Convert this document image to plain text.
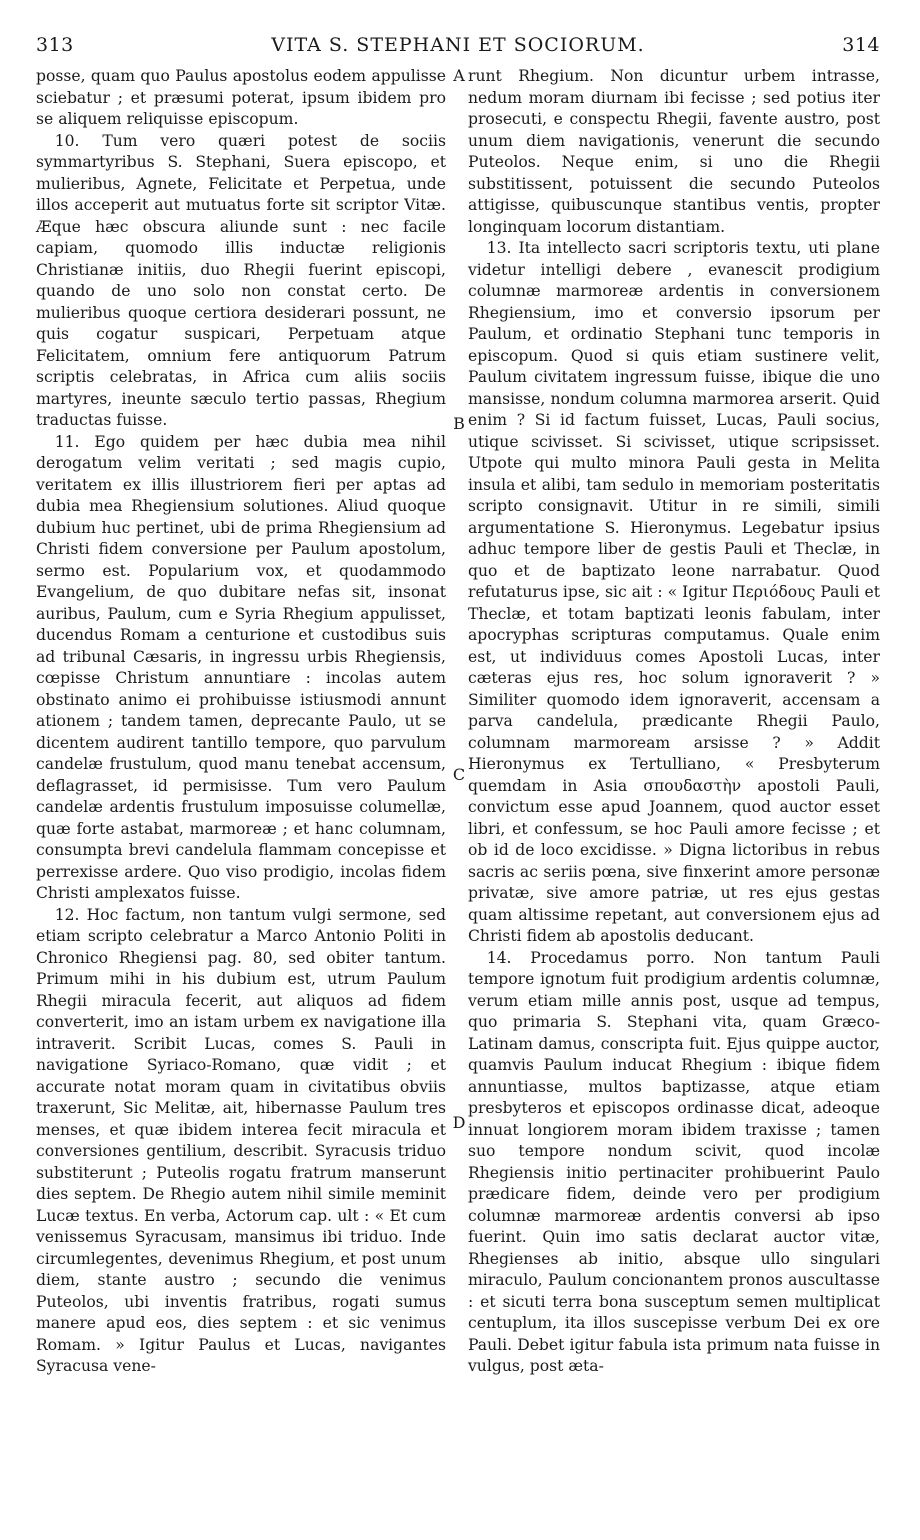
313	VITA S. STEPHANI ET SOCIORUM.	314

posse, quam quo Paulus apostolus eodem appulisse sciebatur ; et præsumi poterat, ipsum ibidem pro se aliquem reliquisse episcopum.

10. Tum vero quæri potest de sociis symmartyribus S. Stephani, Suera episcopo, et mulieribus, Agnete, Felicitate et Perpetua, unde illos acceperit aut mutuatus forte sit scriptor Vitæ. Æque hæc obscura aliunde sunt : nec facile capiam, quomodo illis inductæ religionis Christianæ initiis, duo Rhegii fuerint episcopi, quando de uno solo non constat certo. De mulieribus quoque certiora desiderari possunt, ne quis cogatur suspicari, Perpetuam atque Felicitatem, omnium fere antiquorum Patrum scriptis celebratas, in Africa cum aliis sociis martyres, ineunte sæculo tertio passas, Rhegium traductas fuisse.

11. Ego quidem per hæc dubia mea nihil derogatum velim veritati ; sed magis cupio, veritatem ex illis illustriorem fieri per aptas ad dubia mea Rhegiensium solutiones. Aliud quoque dubium huc pertinet, ubi de prima Rhegiensium ad Christi fidem conversione per Paulum apostolum, sermo est. Popularium vox, et quodammodo Evangelium, de quo dubitare nefas sit, insonat auribus, Paulum, cum e Syria Rhegium appulisset, ducendus Romam a centurione et custodibus suis ad tribunal Cæsaris, in ingressu urbis Rhegiensis, cœpisse Christum annuntiare : incolas autem obstinato animo ei prohibuisse istiusmodi annunt ationem ; tandem tamen, deprecante Paulo, ut se dicentem audirent tantillo tempore, quo parvulum candelæ frustulum, quod manu tenebat accensum, deflagrasset, id permisisse. Tum vero Paulum candelæ ardentis frustulum imposuisse columellæ, quæ forte astabat, marmoreæ ; et hanc columnam, consumpta brevi candelula flammam concepisse et perrexisse ardere. Quo viso prodigio, incolas fidem Christi amplexatos fuisse.

12. Hoc factum, non tantum vulgi sermone, sed etiam scripto celebratur a Marco Antonio Politi in Chronico Rhegiensi pag. 80, sed obiter tantum. Primum mihi in his dubium est, utrum Paulum Rhegii miracula fecerit, aut aliquos ad fidem converterit, imo an istam urbem ex navigatione illa intraverit. Scribit Lucas, comes S. Pauli in navigatione Syriaco-Romano, quæ vidit ; et accurate notat moram quam in civitatibus obviis traxerunt, Sic Melitæ, ait, hibernasse Paulum tres menses, et quæ ibidem interea fecit miracula et conversiones gentilium, describit. Syracusis triduo substiterunt ; Puteolis rogatu fratrum manserunt dies septem. De Rhegio autem nihil simile meminit Lucæ textus. En verba, Actorum cap. ult : « Et cum venissemus Syracusam, mansimus ibi triduo. Inde circumlegentes, devenimus Rhegium, et post unum diem, stante austro ; secundo die venimus Puteolos, ubi inventis fratribus, rogati sumus manere apud eos, dies septem : et sic venimus Romam. » Igitur Paulus et Lucas, navigantes Syracusa vene-

A
B
C
D

runt Rhegium. Non dicuntur urbem intrasse, nedum moram diurnam ibi fecisse ; sed potius iter prosecuti, e conspectu Rhegii, favente austro, post unum diem navigationis, venerunt die secundo Puteolos. Neque enim, si uno die Rhegii substitissent, potuissent die secundo Puteolos attigisse, quibuscunque stantibus ventis, propter longinquam locorum distantiam.

13. Ita intellecto sacri scriptoris textu, uti plane videtur intelligi debere , evanescit prodigium columnæ marmoreæ ardentis in conversionem Rhegiensium, imo et conversio ipsorum per Paulum, et ordinatio Stephani tunc temporis in episcopum. Quod si quis etiam sustinere velit, Paulum civitatem ingressum fuisse, ibique die uno mansisse, nondum columna marmorea arserit. Quid enim ? Si id factum fuisset, Lucas, Pauli socius, utique scivisset. Si scivisset, utique scripsisset. Utpote qui multo minora Pauli gesta in Melita insula et alibi, tam sedulo in memoriam posteritatis scripto consignavit. Utitur in re simili, simili argumentatione S. Hieronymus. Legebatur ipsius adhuc tempore liber de gestis Pauli et Theclæ, in quo et de baptizato leone narrabatur. Quod refutaturus ipse, sic ait : « Igitur Περιόδους Pauli et Theclæ, et totam baptizati leonis fabulam, inter apocryphas scripturas computamus. Quale enim est, ut individuus comes Apostoli Lucas, inter cæteras ejus res, hoc solum ignoraverit ? » Similiter quomodo idem ignoraverit, accensam a parva candelula, prædicante Rhegii Paulo, columnam marmoream arsisse ? » Addit Hieronymus ex Tertulliano, « Presbyterum quemdam in Asia σπουδαστὴν apostoli Pauli, convictum esse apud Joannem, quod auctor esset libri, et confessum, se hoc Pauli amore fecisse ; et ob id de loco excidisse. » Digna lictoribus in rebus sacris ac seriis pœna, sive finxerint amore personæ privatæ, sive amore patriæ, ut res ejus gestas quam altissime repetant, aut conversionem ejus ad Christi fidem ab apostolis deducant.

14. Procedamus porro. Non tantum Pauli tempore ignotum fuit prodigium ardentis columnæ, verum etiam mille annis post, usque ad tempus, quo primaria S. Stephani vita, quam Græco-Latinam damus, conscripta fuit. Ejus quippe auctor, quamvis Paulum inducat Rhegium : ibique fidem annuntiasse, multos baptizasse, atque etiam presbyteros et episcopos ordinasse dicat, adeoque innuat longiorem moram ibidem traxisse ; tamen suo tempore nondum scivit, quod incolæ Rhegiensis initio pertinaciter prohibuerint Paulo prædicare fidem, deinde vero per prodigium columnæ marmoreæ ardentis conversi ab ipso fuerint. Quin imo satis declarat auctor vitæ, Rhegienses ab initio, absque ullo singulari miraculo, Paulum concionantem pronos auscultasse : et sicuti terra bona susceptum semen multiplicat centuplum, ita illos suscepisse verbum Dei ex ore Pauli. Debet igitur fabula ista primum nata fuisse in vulgus, post æta-
